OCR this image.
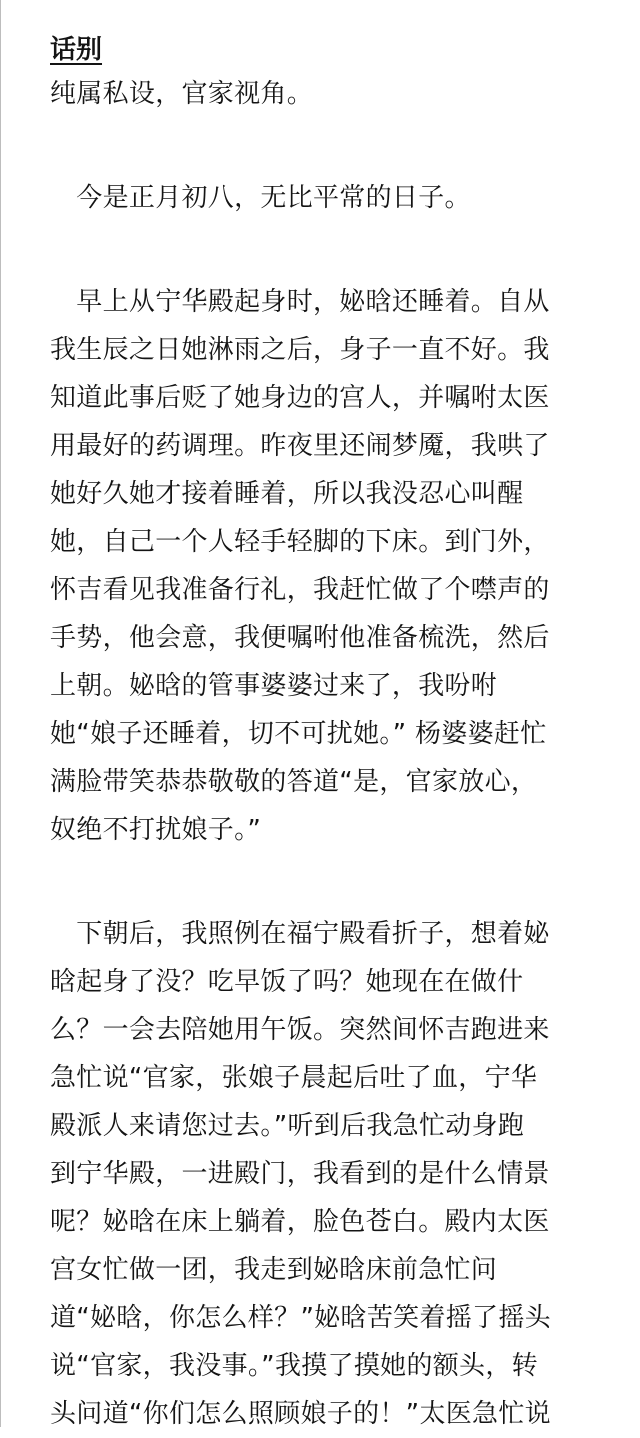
话别

纯属私设，官家视角。

　今是正月初八，无比平常的日子。

　早上从宁华殿起身时，妼晗还睡着。自从

我生辰之日她淋雨之后，身子一直不好。我

知道此事后贬了她身边的宫人，并嘱咐太医

用最好的药调理。昨夜里还闹梦魇，我哄了

她好久她才接着睡着，所以我没忍心叫醒

她，自己一个人轻手轻脚的下床。到门外，

怀吉看见我准备行礼，我赶忙做了个噤声的

手势，他会意，我便嘱咐他准备梳洗，然后

上朝。妼晗的管事婆婆过来了，我吩咐

她“娘子还睡着，切不可扰她。” 杨婆婆赶忙

满脸带笑恭恭敬敬的答道“是，官家放心，

奴绝不打扰娘子。”

　下朝后，我照例在福宁殿看折子，想着妼

晗起身了没？吃早饭了吗？她现在在做什

么？一会去陪她用午饭。突然间怀吉跑进来

急忙说“官家，张娘子晨起后吐了血，宁华

殿派人来请您过去。”听到后我急忙动身跑

到宁华殿，一进殿门，我看到的是什么情景

呢？妼晗在床上躺着，脸色苍白。殿内太医

宫女忙做一团，我走到妼晗床前急忙问

道“妼晗，你怎么样？”妼晗苦笑着摇了摇头

说“官家，我没事。”我摸了摸她的额头，转

头问道“你们怎么照顾娘子的！”太医急忙说
